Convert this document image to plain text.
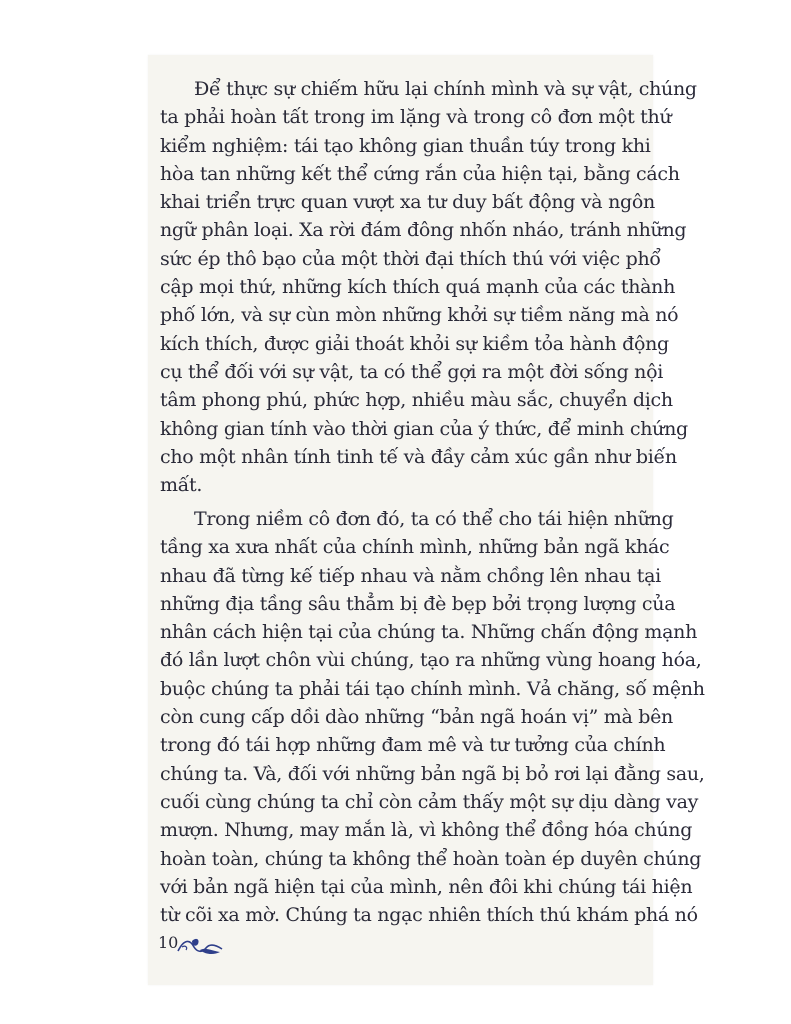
Để thực sự chiếm hữu lại chính mình và sự vật, chúng
ta phải hoàn tất trong im lặng và trong cô đơn một thứ
kiểm nghiệm: tái tạo không gian thuần túy trong khi
hòa tan những kết thể cứng rắn của hiện tại, bằng cách
khai triển trực quan vượt xa tư duy bất động và ngôn
ngữ phân loại. Xa rời đám đông nhốn nháo, tránh những
sức ép thô bạo của một thời đại thích thú với việc phổ
cập mọi thứ, những kích thích quá mạnh của các thành
phố lớn, và sự cùn mòn những khởi sự tiềm năng mà nó
kích thích, được giải thoát khỏi sự kiềm tỏa hành động
cụ thể đối với sự vật, ta có thể gợi ra một đời sống nội
tâm phong phú, phức hợp, nhiều màu sắc, chuyển dịch
không gian tính vào thời gian của ý thức, để minh chứng
cho một nhân tính tinh tế và đầy cảm xúc gần như biến
mất.
Trong niềm cô đơn đó, ta có thể cho tái hiện những
tầng xa xưa nhất của chính mình, những bản ngã khác
nhau đã từng kế tiếp nhau và nằm chồng lên nhau tại
những địa tầng sâu thẳm bị đè bẹp bởi trọng lượng của
nhân cách hiện tại của chúng ta. Những chấn động mạnh
đó lần lượt chôn vùi chúng, tạo ra những vùng hoang hóa,
buộc chúng ta phải tái tạo chính mình. Vả chăng, số mệnh
còn cung cấp dồi dào những “bản ngã hoán vị” mà bên
trong đó tái hợp những đam mê và tư tưởng của chính
chúng ta. Và, đối với những bản ngã bị bỏ rơi lại đằng sau,
cuối cùng chúng ta chỉ còn cảm thấy một sự dịu dàng vay
mượn. Nhưng, may mắn là, vì không thể đồng hóa chúng
hoàn toàn, chúng ta không thể hoàn toàn ép duyên chúng
với bản ngã hiện tại của mình, nên đôi khi chúng tái hiện
từ cõi xa mờ. Chúng ta ngạc nhiên thích thú khám phá nó
10
